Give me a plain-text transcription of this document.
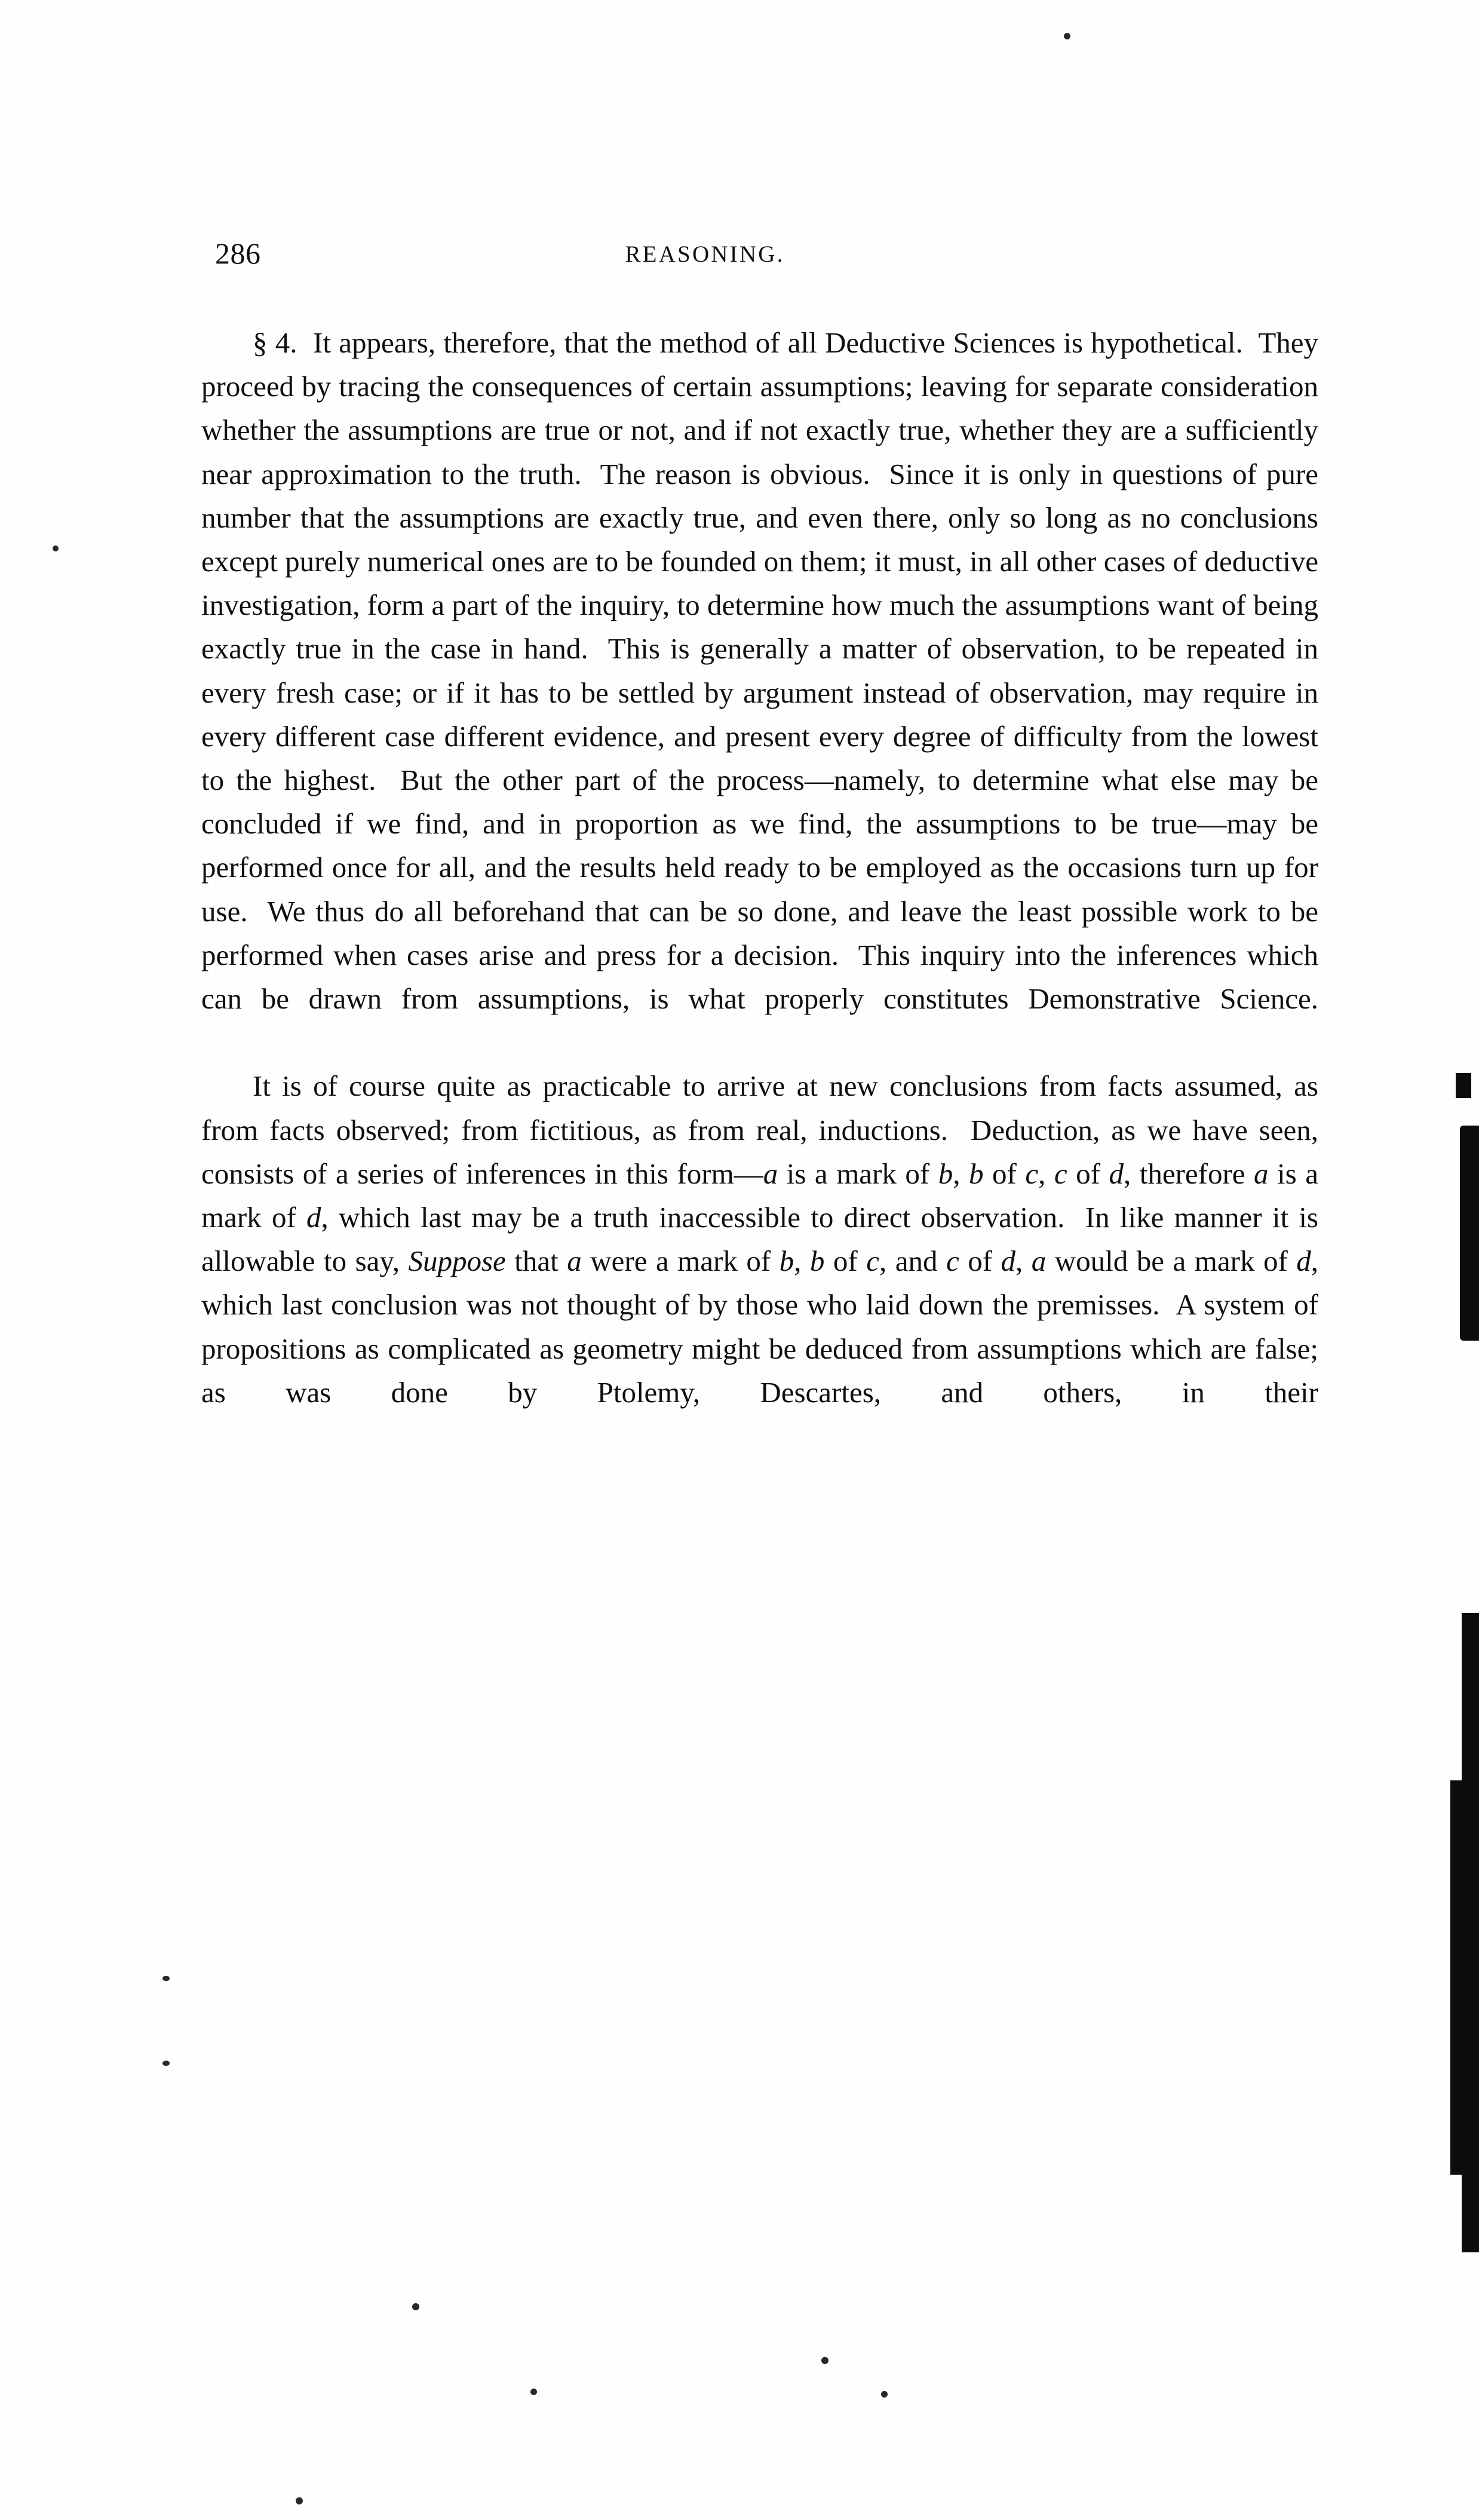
286	REASONING.

§ 4.  It appears, therefore, that the method of all Deductive Sciences is hypothetical.  They proceed by tracing the consequences of certain assumptions; leaving for separate consideration whether the assumptions are true or not, and if not exactly true, whether they are a sufficiently near approximation to the truth.  The reason is obvious.  Since it is only in questions of pure number that the assumptions are exactly true, and even there, only so long as no conclusions except purely numerical ones are to be founded on them; it must, in all other cases of deductive investigation, form a part of the inquiry, to determine how much the assumptions want of being exactly true in the case in hand.  This is generally a matter of observation, to be repeated in every fresh case; or if it has to be settled by argument instead of observation, may require in every different case different evidence, and present every degree of difficulty from the lowest to the highest.  But the other part of the process—namely, to determine what else may be concluded if we find, and in proportion as we find, the assumptions to be true—may be performed once for all, and the results held ready to be employed as the occasions turn up for use.  We thus do all beforehand that can be so done, and leave the least possible work to be performed when cases arise and press for a decision.  This inquiry into the inferences which can be drawn from assumptions, is what properly constitutes Demonstrative Science.

It is of course quite as practicable to arrive at new conclusions from facts assumed, as from facts observed; from fictitious, as from real, inductions.  Deduction, as we have seen, consists of a series of inferences in this form—a is a mark of b, b of c, c of d, therefore a is a mark of d, which last may be a truth inaccessible to direct observation.  In like manner it is allowable to say, Suppose that a were a mark of b, b of c, and c of d, a would be a mark of d, which last conclusion was not thought of by those who laid down the premisses.  A system of propositions as complicated as geometry might be deduced from assumptions which are false; as was done by Ptolemy, Descartes, and others, in their
